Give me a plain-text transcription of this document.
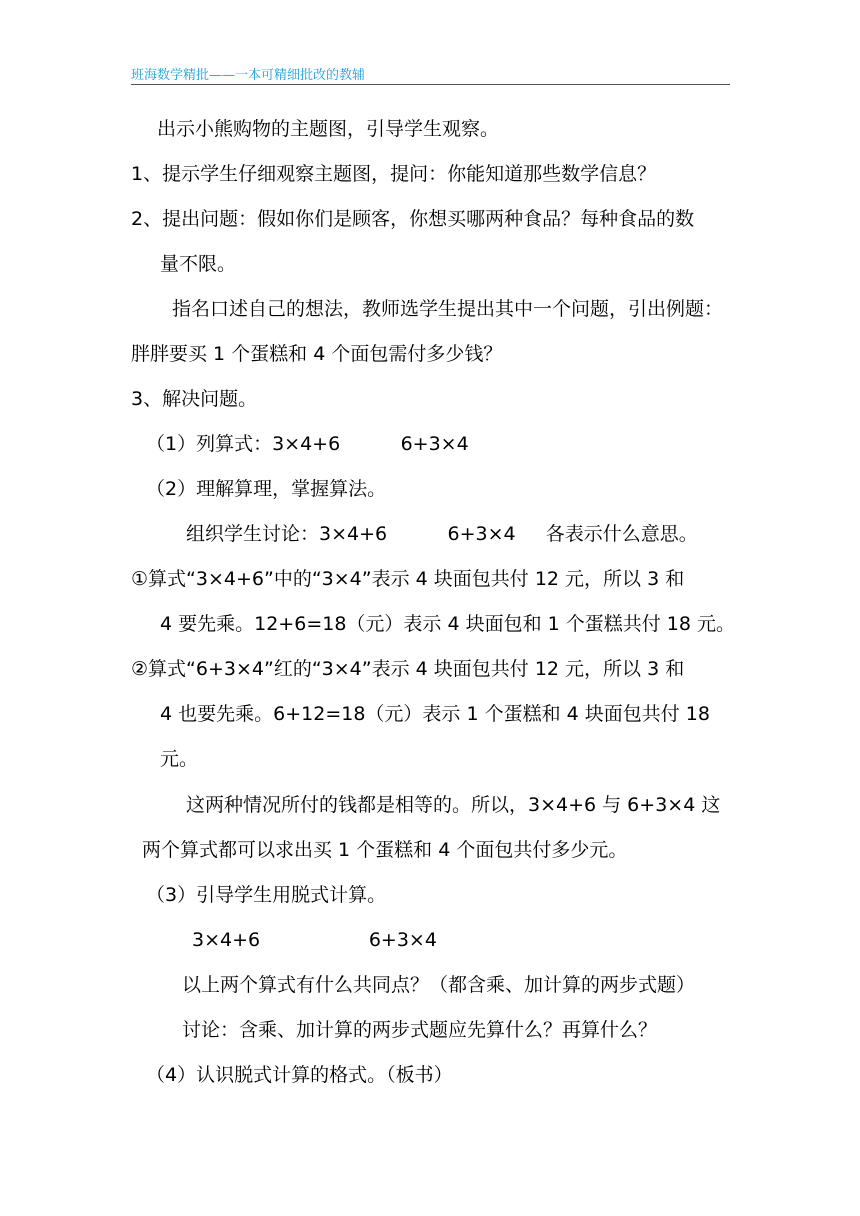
班海数学精批——一本可精细批改的教辅
出示小熊购物的主题图，引导学生观察。
1、提示学生仔细观察主题图，提问：你能知道那些数学信息？
2、提出问题：假如你们是顾客，你想买哪两种食品？每种食品的数
量不限。
指名口述自己的想法，教师选学生提出其中一个问题，引出例题：
胖胖要买 1 个蛋糕和 4 个面包需付多少钱？
3、解决问题。
（1）列算式：3×4+6          6+3×4
（2）理解算理，掌握算法。
组织学生讨论：3×4+6          6+3×4     各表示什么意思。
①算式“3×4+6”中的“3×4”表示 4 块面包共付 12 元，所以 3 和
4 要先乘。12+6=18（元）表示 4 块面包和 1 个蛋糕共付 18 元。
②算式“6+3×4”红的“3×4”表示 4 块面包共付 12 元，所以 3 和
4 也要先乘。6+12=18（元）表示 1 个蛋糕和 4 块面包共付 18
元。
这两种情况所付的钱都是相等的。所以，3×4+6 与 6+3×4 这
两个算式都可以求出买 1 个蛋糕和 4 个面包共付多少元。
（3）引导学生用脱式计算。
3×4+6                  6+3×4
以上两个算式有什么共同点？（都含乘、加计算的两步式题）
讨论：含乘、加计算的两步式题应先算什么？再算什么？
（4）认识脱式计算的格式。（板书）
